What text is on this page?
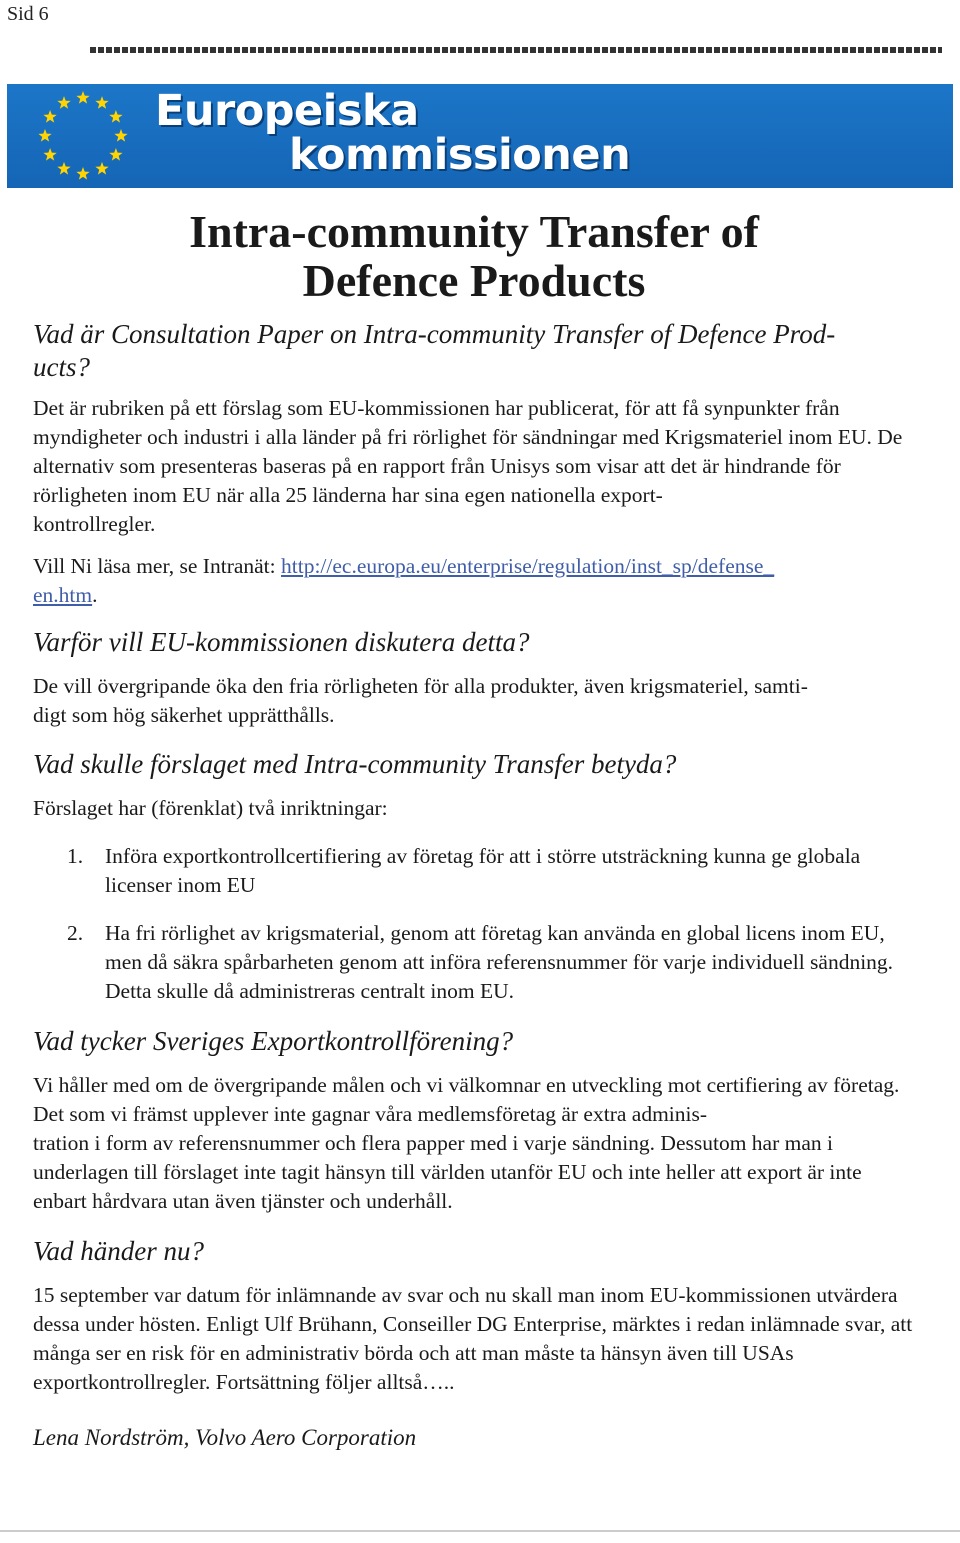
Sid 6
Europeiska
kommissionen
Intra-community Transfer of
Defence Products
Vad är Consultation Paper on Intra-community Transfer of Defence Prod-
ucts?

Det är rubriken på ett förslag som EU-kommissionen har publicerat, för att få synpunkter från myndigheter och industri i alla länder på fri rörlighet för sändningar med Krigsmateriel inom EU. De alternativ som presenteras baseras på en rapport från Unisys som visar att det är hindrande för rörligheten inom EU när alla 25 länderna har sina egen nationella export-
kontrollregler.

Vill Ni läsa mer, se Intranät: http://ec.europa.eu/enterprise/regulation/inst_sp/defense_
en.htm.

Varför vill EU-kommissionen diskutera detta?

De vill övergripande öka den fria rörligheten för alla produkter, även krigsmateriel, samti-
digt som hög säkerhet upprätthålls.

Vad skulle förslaget med Intra-community Transfer betyda?

Förslaget har (förenklat) två inriktningar:

1. Införa exportkontrollcertifiering av företag för att i större utsträckning kunna ge globala licenser inom EU
2. Ha fri rörlighet av krigsmaterial, genom att företag kan använda en global licens inom EU, men då säkra spårbarheten genom att införa referensnummer för varje individuell sändning. Detta skulle då administreras centralt inom EU.
Vad tycker Sveriges Exportkontrollförening?

Vi håller med om de övergripande målen och vi välkomnar en utveckling mot certifiering av företag. Det som vi främst upplever inte gagnar våra medlemsföretag är extra adminis-
tration i form av referensnummer och flera papper med i varje sändning. Dessutom har man i underlagen till förslaget inte tagit hänsyn till världen utanför EU och inte heller att export är inte enbart hårdvara utan även tjänster och underhåll.

Vad händer nu?

15 september var datum för inlämnande av svar och nu skall man inom EU-kommissionen utvärdera dessa under hösten. Enligt Ulf Brühann, Conseiller DG Enterprise, märktes i redan inlämnade svar, att många ser en risk för en administrativ börda och att man måste ta hänsyn även till USAs exportkontrollregler. Fortsättning följer alltså…..

Lena Nordström, Volvo Aero Corporation
